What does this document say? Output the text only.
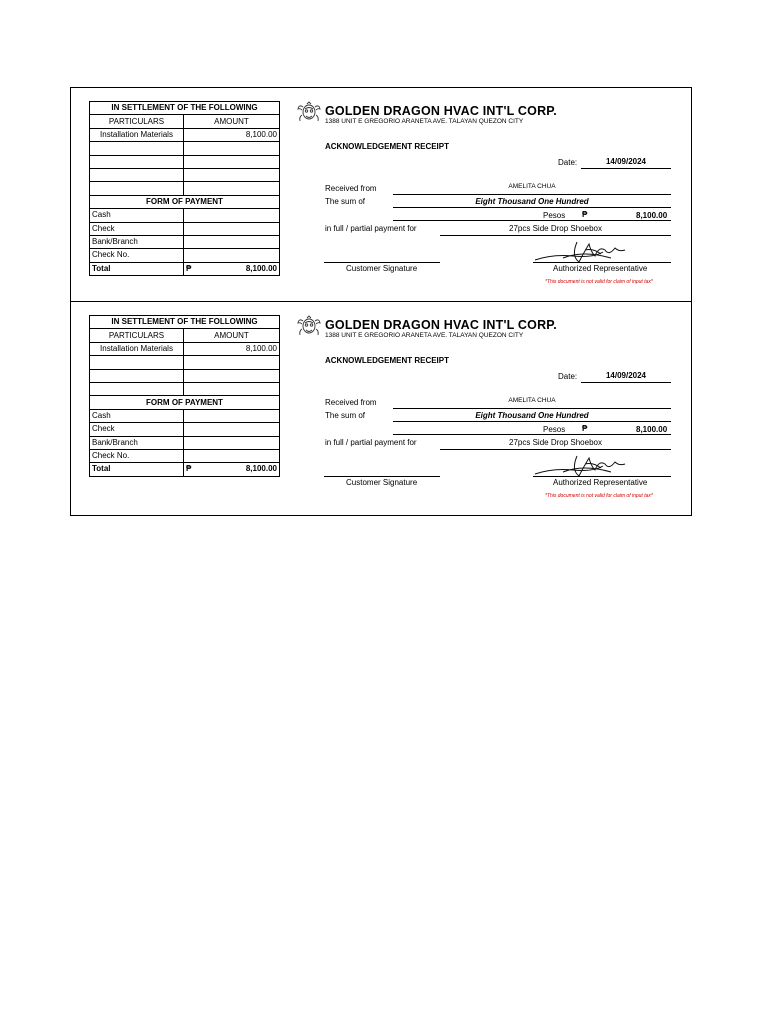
IN SETTLEMENT OF THE FOLLOWING	
PARTICULARS	AMOUNT
Installation Materials	8,100.00

FORM OF PAYMENT	
Cash	
Check	
Bank/Branch	
Check No.	
Total	₱ 8,100.00
GOLDEN DRAGON HVAC INT'L CORP.
1388 UNIT E GREGORIO ARANETA AVE. TALAYAN QUEZON CITY
ACKNOWLEDGEMENT RECEIPT
Date:	14/09/2024
Received from	AMELITA CHUA
The sum of	Eight Thousand One Hundred
Pesos ₱	8,100.00
in full / partial payment for	27pcs Side Drop Shoebox
Customer Signature	Authorized Representative
*This document is not valid for claim of input tax*
IN SETTLEMENT OF THE FOLLOWING	
PARTICULARS	AMOUNT
Installation Materials	8,100.00

FORM OF PAYMENT	
Cash	
Check	
Bank/Branch	
Check No.	
Total	₱ 8,100.00
GOLDEN DRAGON HVAC INT'L CORP.
1388 UNIT E GREGORIO ARANETA AVE. TALAYAN QUEZON CITY
ACKNOWLEDGEMENT RECEIPT
Date:	14/09/2024
Received from	AMELITA CHUA
The sum of	Eight Thousand One Hundred
Pesos ₱	8,100.00
in full / partial payment for	27pcs Side Drop Shoebox
Customer Signature	Authorized Representative
*This document is not valid for claim of input tax*
